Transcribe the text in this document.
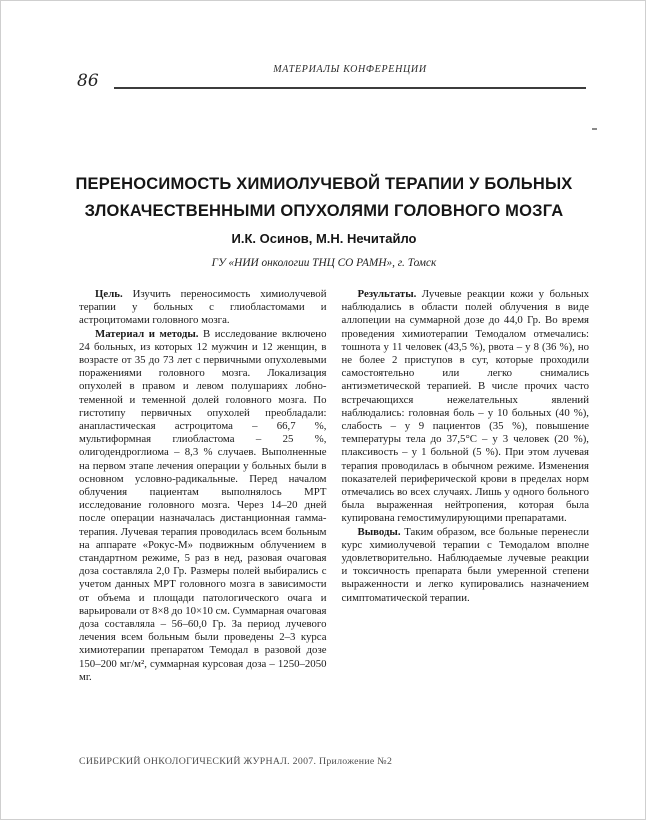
86
МАТЕРИАЛЫ КОНФЕРЕНЦИИ
ПЕРЕНОСИМОСТЬ ХИМИОЛУЧЕВОЙ ТЕРАПИИ У БОЛЬНЫХ
ЗЛОКАЧЕСТВЕННЫМИ ОПУХОЛЯМИ ГОЛОВНОГО МОЗГА
И.К. Осинов, М.Н. Нечитайло
ГУ «НИИ онкологии ТНЦ СО РАМН», г. Томск

Цель. Изучить переносимость химиолучевой терапии у больных с глиобластомами и астроцитомами головного мозга.

Материал и методы. В исследование включено 24 больных, из которых 12 мужчин и 12 женщин, в возрасте от 35 до 73 лет с первичными опухолевыми поражениями головного мозга. Локализация опухолей в правом и левом полушариях лобно-теменной и теменной долей головного мозга. По гистотипу первичных опухолей преобладали: анапластическая астроцитома – 66,7 %, мультиформная глиобластома – 25 %, олигодендроглиома – 8,3 % случаев. Выполненные на первом этапе лечения операции у больных были в основном условно-радикальные. Перед началом облучения пациентам выполнялось МРТ исследование головного мозга. Через 14–20 дней после операции назначалась дистанционная гамма-терапия. Лучевая терапия проводилась всем больным на аппарате «Рокус-М» подвижным облучением в стандартном режиме, 5 раз в нед, разовая очаговая доза составляла 2,0 Гр. Размеры полей выбирались с учетом данных МРТ головного мозга в зависимости от объема и площади патологического очага и варьировали от 8×8 до 10×10 см. Суммарная очаговая доза составляла – 56–60,0 Гр. За период лучевого лечения всем больным были проведены 2–3 курса химиотерапии препаратом Темодал в разовой дозе 150–200 мг/м², суммарная курсовая доза – 1250–2050 мг.

Результаты. Лучевые реакции кожи у больных наблюдались в области полей облучения в виде аллопеции на суммарной дозе до 44,0 Гр. Во время проведения химиотерапии Темодалом отмечались: тошнота у 11 человек (43,5 %), рвота – у 8 (36 %), но не более 2 приступов в сут, которые проходили самостоятельно или легко снимались антиэметической терапией. В числе прочих часто встречающихся нежелательных явлений наблюдались: головная боль – у 10 больных (40 %), слабость – у 9 пациентов (35 %), повышение температуры тела до 37,5°C – у 3 человек (20 %), плаксивость – у 1 больной (5 %). При этом лучевая терапия проводилась в обычном режиме. Изменения показателей периферической крови в пределах норм отмечались во всех случаях. Лишь у одного больного была выраженная нейтропения, которая была купирована гемостимулирующими препаратами.

Выводы. Таким образом, все больные перенесли курс химиолучевой терапии с Темодалом вполне удовлетворительно. Наблюдаемые лучевые реакции и токсичность препарата были умеренной степени выраженности и легко купировались назначением симптоматической терапии.

СИБИРСКИЙ ОНКОЛОГИЧЕСКИЙ ЖУРНАЛ. 2007. Приложение №2
